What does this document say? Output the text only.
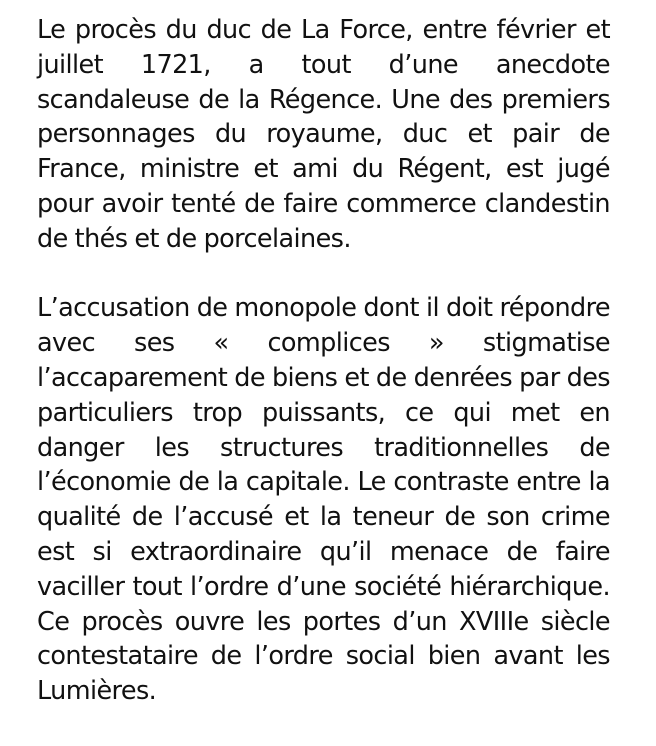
Le procès du duc de La Force, entre février et juillet 1721, a tout d’une anecdote scandaleuse de la Régence. Une des premiers personnages du royaume, duc et pair de France, ministre et ami du Régent, est jugé pour avoir tenté de faire commerce clandestin de thés et de porcelaines.

L’accusation de monopole dont il doit répondre avec ses « complices » stigmatise l’accaparement de biens et de denrées par des particuliers trop puissants, ce qui met en danger les structures traditionnelles de l’économie de la capitale. Le contraste entre la qualité de l’accusé et la teneur de son crime est si extraordinaire qu’il menace de faire vaciller tout l’ordre d’une société hiérarchique. Ce procès ouvre les portes d’un XVIIIe siècle contestataire de l’ordre social bien avant les Lumières.
